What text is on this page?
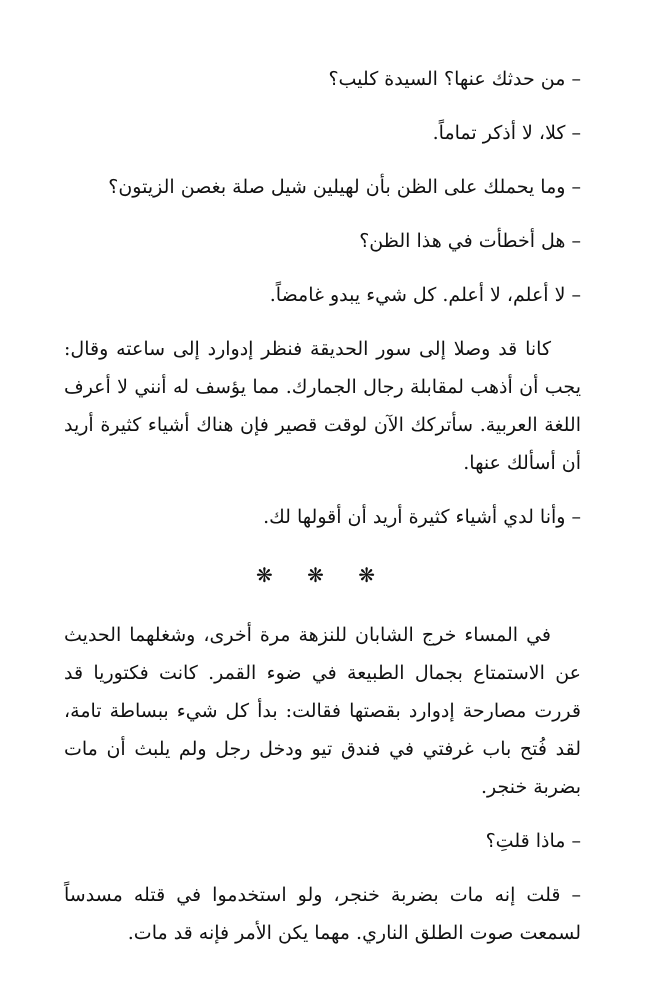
– من حدثك عنها؟ السيدة كليب؟

– كلا، لا أذكر تماماً.

– وما يحملك على الظن بأن لهيلين شيل صلة بغصن الزيتون؟

– هل أخطأت في هذا الظن؟

– لا أعلم، لا أعلم. كل شيء يبدو غامضاً.

كانا قد وصلا إلى سور الحديقة فنظر إدوارد إلى ساعته وقال: يجب أن أذهب لمقابلة رجال الجمارك. مما يؤسف له أنني لا أعرف اللغة العربية. سأتركك الآن لوقت قصير فإن هناك أشياء كثيرة أريد أن أسألك عنها.

– وأنا لدي أشياء كثيرة أريد أن أقولها لك.

❋ ❋ ❋

في المساء خرج الشابان للنزهة مرة أخرى، وشغلهما الحديث عن الاستمتاع بجمال الطبيعة في ضوء القمر. كانت فكتوريا قد قررت مصارحة إدوارد بقصتها فقالت: بدأ كل شيء ببساطة تامة، لقد فُتح باب غرفتي في فندق تيو ودخل رجل ولم يلبث أن مات بضربة خنجر.

– ماذا قلتِ؟

– قلت إنه مات بضربة خنجر، ولو استخدموا في قتله مسدساً لسمعت صوت الطلق الناري. مهما يكن الأمر فإنه قد مات.
